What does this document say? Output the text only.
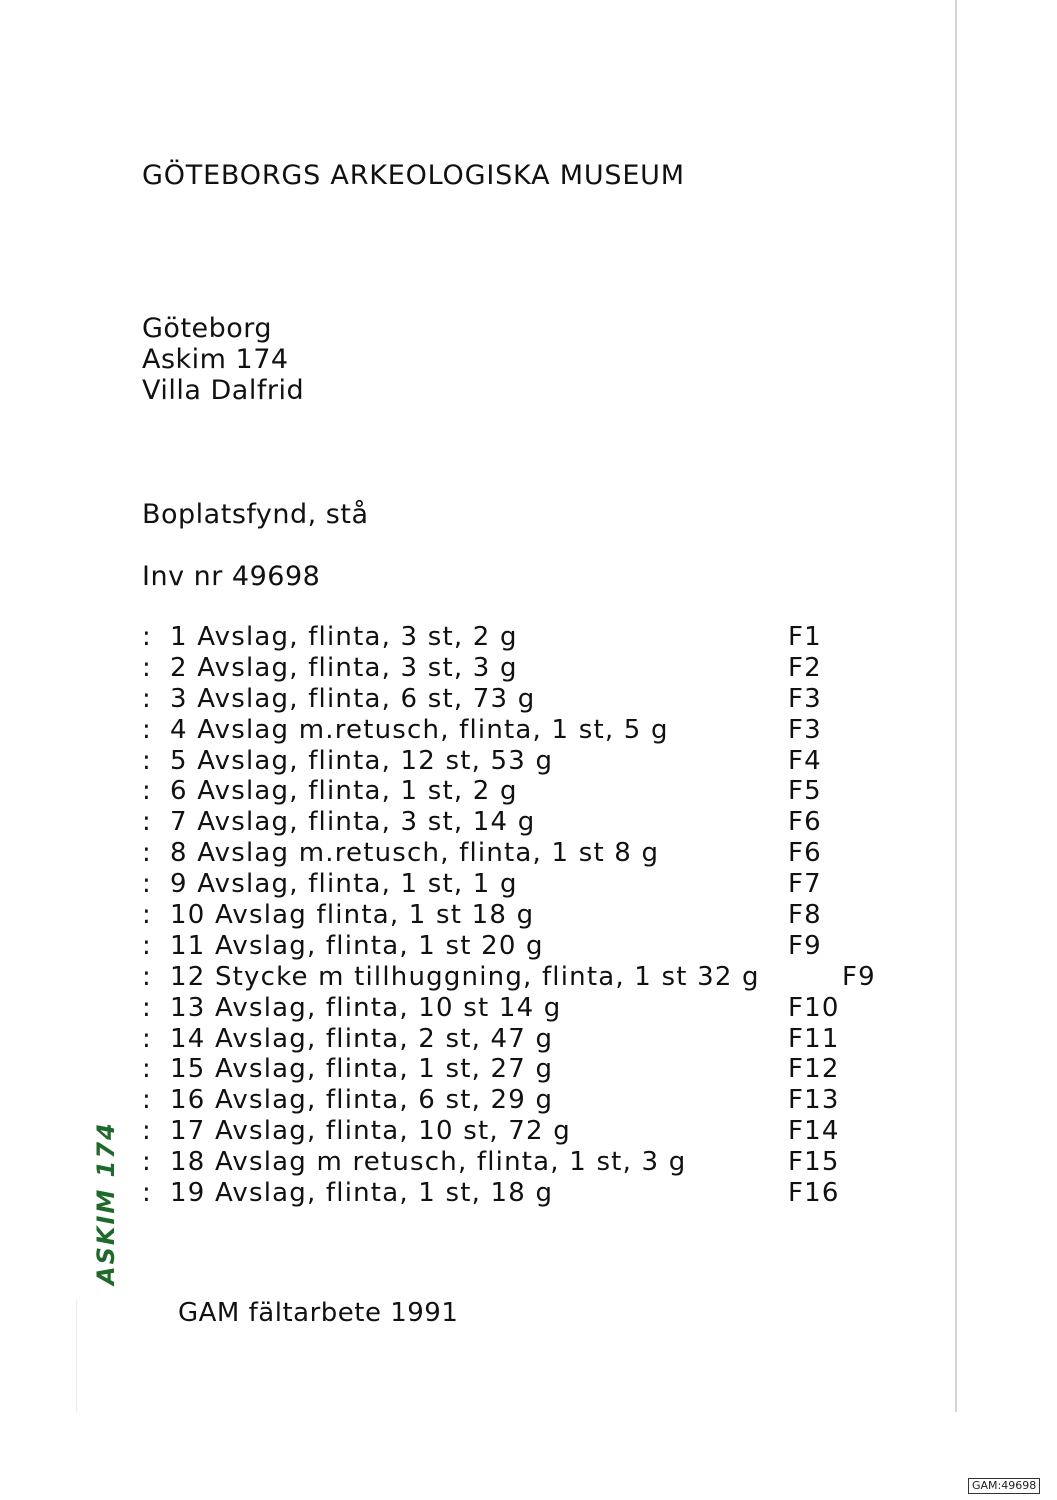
GÖTEBORGS ARKEOLOGISKA MUSEUM
Göteborg
Askim 174
Villa Dalfrid
Boplatsfynd, stå
Inv nr 49698
: 1 Avslag, flinta, 3 st, 2 g	F1
: 2 Avslag, flinta, 3 st, 3 g	F2
: 3 Avslag, flinta, 6 st, 73 g	F3
: 4 Avslag m.retusch, flinta, 1 st, 5 g	F3
: 5 Avslag, flinta, 12 st, 53 g	F4
: 6 Avslag, flinta, 1 st, 2 g	F5
: 7 Avslag, flinta, 3 st, 14 g	F6
: 8 Avslag m.retusch, flinta, 1 st 8 g	F6
: 9 Avslag, flinta, 1 st, 1 g	F7
: 10 Avslag flinta, 1 st 18 g	F8
: 11 Avslag, flinta, 1 st 20 g	F9
: 12 Stycke m tillhuggning, flinta, 1 st 32 g	F9
: 13 Avslag, flinta, 10 st 14 g	F10
: 14 Avslag, flinta, 2 st, 47 g	F11
: 15 Avslag, flinta, 1 st, 27 g	F12
: 16 Avslag, flinta, 6 st, 29 g	F13
: 17 Avslag, flinta, 10 st, 72 g	F14
: 18 Avslag m retusch, flinta, 1 st, 3 g	F15
: 19 Avslag, flinta, 1 st, 18 g	F16
ASKIM 174
GAM fältarbete 1991
GAM:49698
